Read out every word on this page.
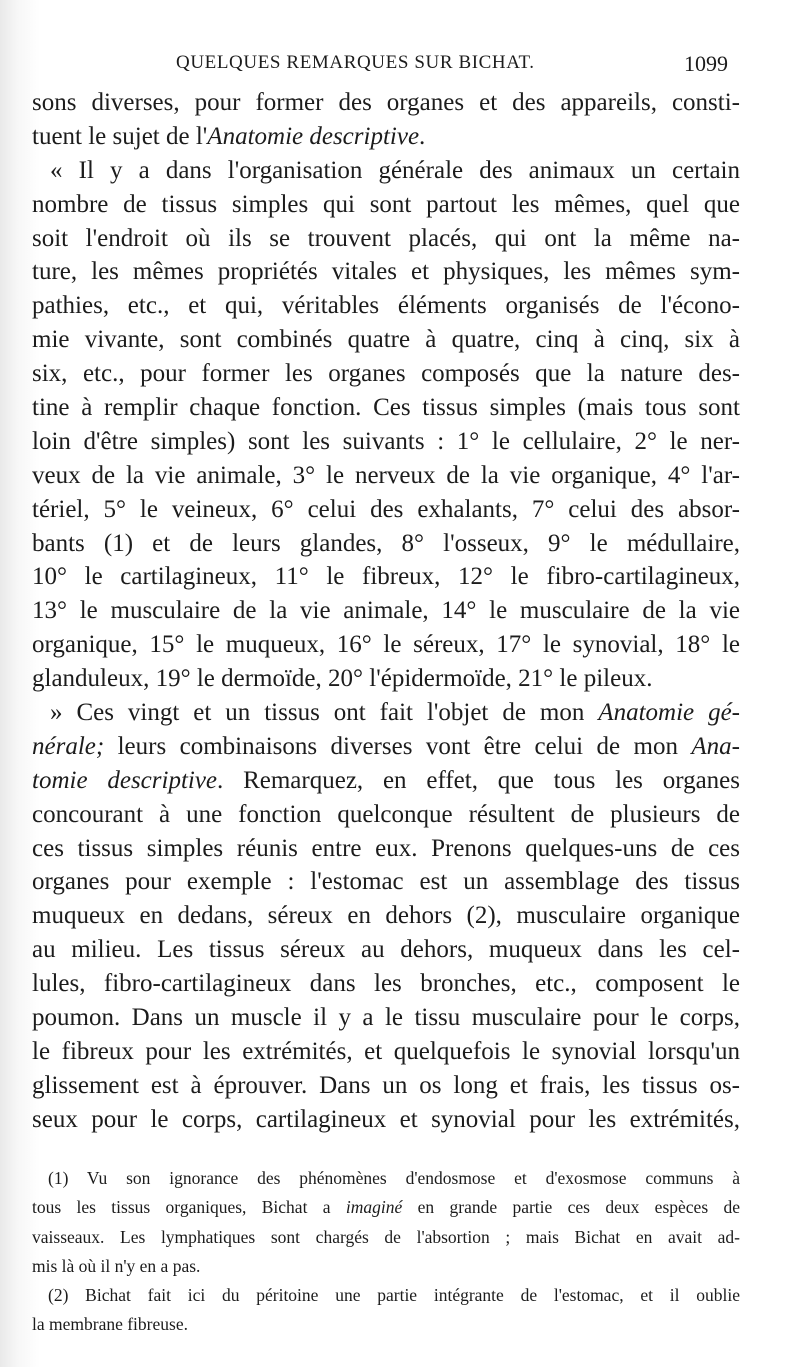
QUELQUES REMARQUES SUR BICHAT.	1099
sons diverses, pour former des organes et des appareils, consti-
tuent le sujet de l'Anatomie descriptive.
« Il y a dans l'organisation générale des animaux un certain
nombre de tissus simples qui sont partout les mêmes, quel que
soit l'endroit où ils se trouvent placés, qui ont la même na-
ture, les mêmes propriétés vitales et physiques, les mêmes sym-
pathies, etc., et qui, véritables éléments organisés de l'écono-
mie vivante, sont combinés quatre à quatre, cinq à cinq, six à
six, etc., pour former les organes composés que la nature des-
tine à remplir chaque fonction. Ces tissus simples (mais tous sont
loin d'être simples) sont les suivants : 1° le cellulaire, 2° le ner-
veux de la vie animale, 3° le nerveux de la vie organique, 4° l'ar-
tériel, 5° le veineux, 6° celui des exhalants, 7° celui des absor-
bants (1) et de leurs glandes, 8° l'osseux, 9° le médullaire,
10° le cartilagineux, 11° le fibreux, 12° le fibro-cartilagineux,
13° le musculaire de la vie animale, 14° le musculaire de la vie
organique, 15° le muqueux, 16° le séreux, 17° le synovial, 18° le
glanduleux, 19° le dermoïde, 20° l'épidermoïde, 21° le pileux.
» Ces vingt et un tissus ont fait l'objet de mon Anatomie gé-
nérale; leurs combinaisons diverses vont être celui de mon Ana-
tomie descriptive. Remarquez, en effet, que tous les organes
concourant à une fonction quelconque résultent de plusieurs de
ces tissus simples réunis entre eux. Prenons quelques-uns de ces
organes pour exemple : l'estomac est un assemblage des tissus
muqueux en dedans, séreux en dehors (2), musculaire organique
au milieu. Les tissus séreux au dehors, muqueux dans les cel-
lules, fibro-cartilagineux dans les bronches, etc., composent le
poumon. Dans un muscle il y a le tissu musculaire pour le corps,
le fibreux pour les extrémités, et quelquefois le synovial lorsqu'un
glissement est à éprouver. Dans un os long et frais, les tissus os-
seux pour le corps, cartilagineux et synovial pour les extrémités,
(1) Vu son ignorance des phénomènes d'endosmose et d'exosmose communs à
tous les tissus organiques, Bichat a imaginé en grande partie ces deux espèces de
vaisseaux. Les lymphatiques sont chargés de l'absortion ; mais Bichat en avait ad-
mis là où il n'y en a pas.
(2) Bichat fait ici du péritoine une partie intégrante de l'estomac, et il oublie
la membrane fibreuse.
